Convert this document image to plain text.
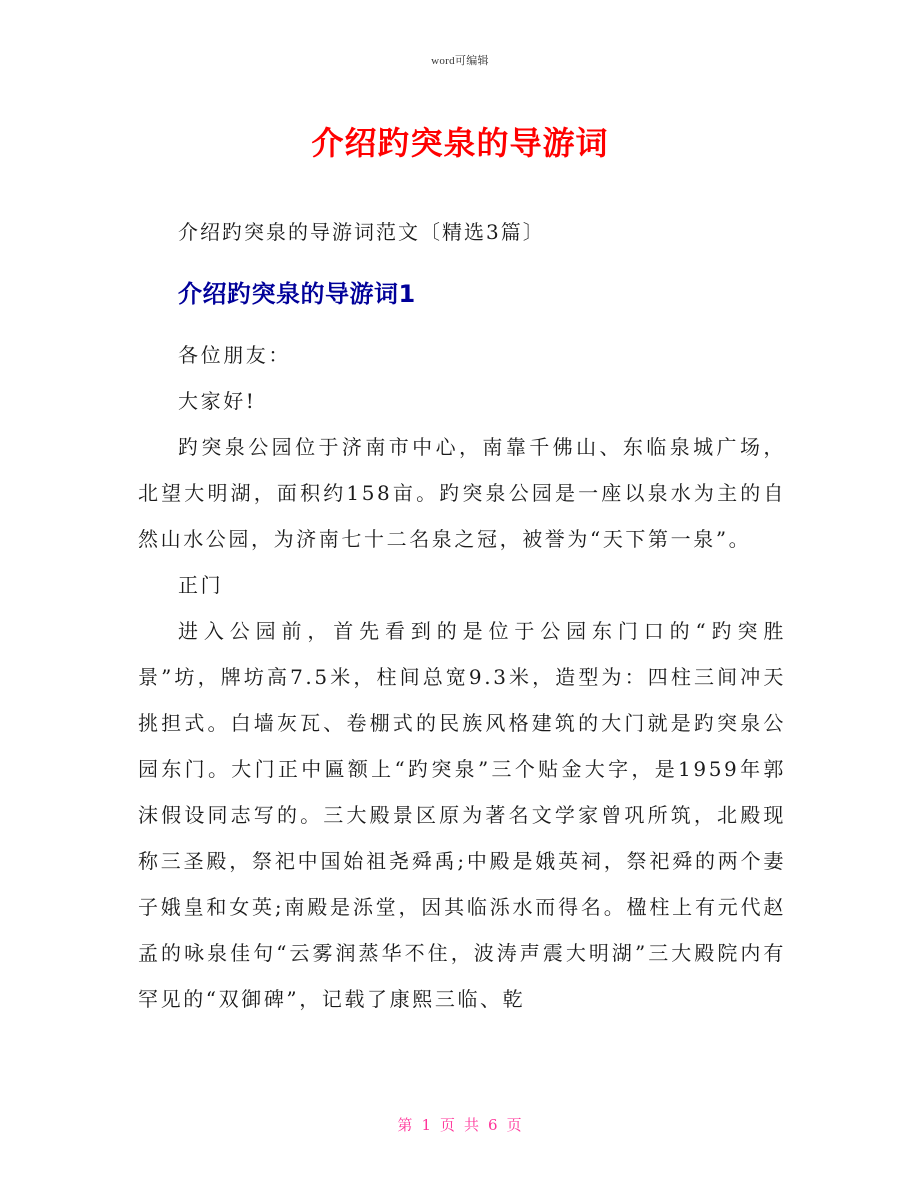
word可编辑
介绍趵突泉的导游词

介绍趵突泉的导游词范文〔精选3篇〕

介绍趵突泉的导游词1

各位朋友：

大家好!

趵突泉公园位于济南市中心，南靠千佛山、东临泉城广场，北望大明湖，面积约158亩。趵突泉公园是一座以泉水为主的自然山水公园，为济南七十二名泉之冠，被誉为“天下第一泉”。

正门

进入公园前，首先看到的是位于公园东门口的“趵突胜景”坊，牌坊高7.5米，柱间总宽9.3米，造型为：四柱三间冲天挑担式。白墙灰瓦、卷棚式的民族风格建筑的大门就是趵突泉公园东门。大门正中匾额上“趵突泉”三个贴金大字，是1959年郭沫假设同志写的。三大殿景区原为著名文学家曾巩所筑，北殿现称三圣殿，祭祀中国始祖尧舜禹;中殿是娥英祠，祭祀舜的两个妻子娥皇和女英;南殿是泺堂，因其临泺水而得名。楹柱上有元代赵孟的咏泉佳句“云雾润蒸华不住，波涛声震大明湖”三大殿院内有罕见的“双御碑”，记载了康熙三临、乾

第 1 页 共 6 页
